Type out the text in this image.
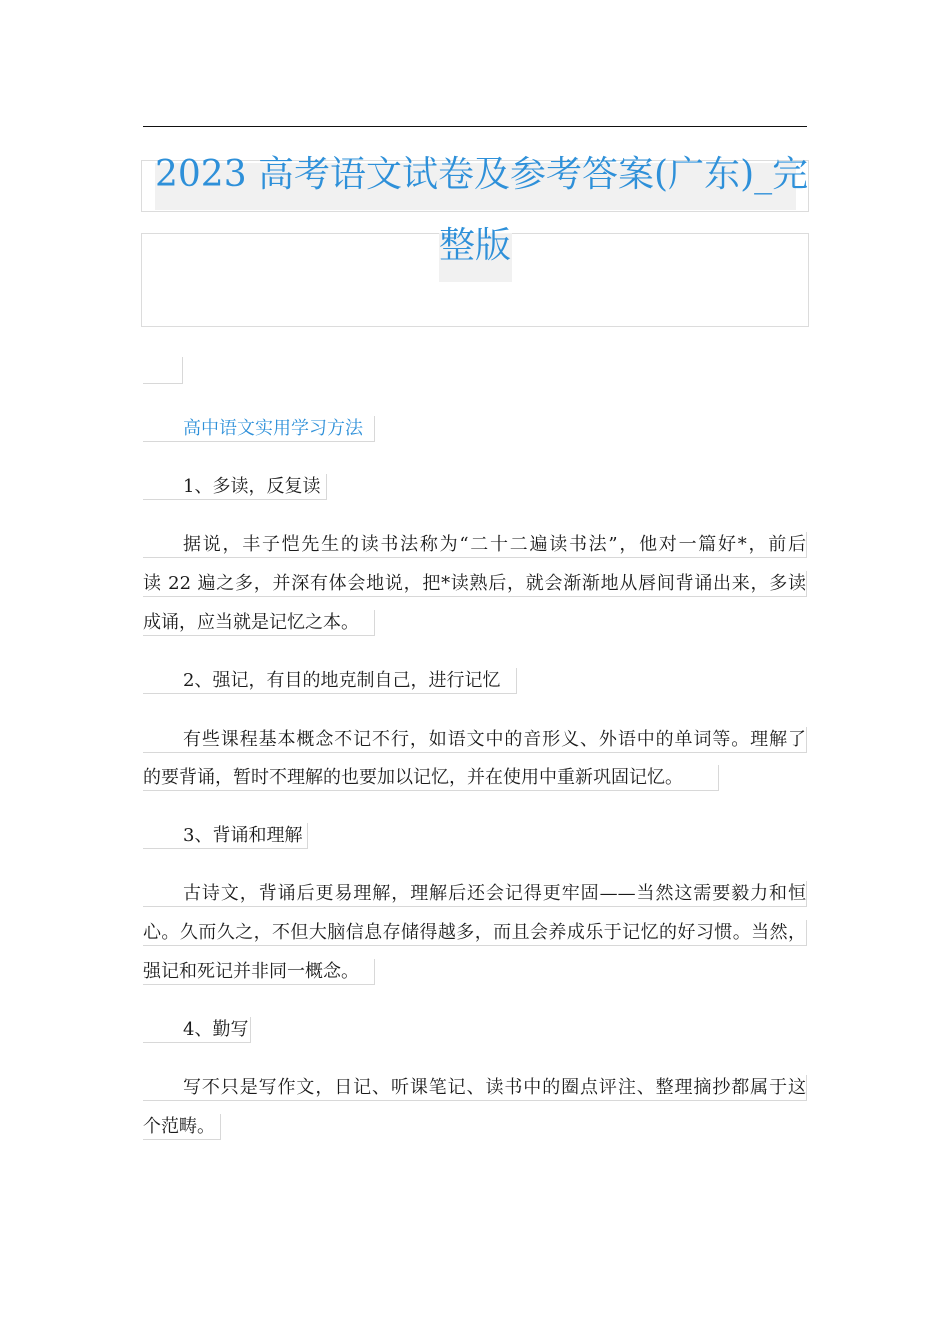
2023 高考语文试卷及参考答案(广东)_完
整版
高中语文实用学习方法
1、多读，反复读
据说，丰子恺先生的读书法称为“二十二遍读书法”，他对一篇好*，前后
读 22 遍之多，并深有体会地说，把*读熟后，就会渐渐地从唇间背诵出来，多读
成诵，应当就是记忆之本。
2、强记，有目的地克制自己，进行记忆
有些课程基本概念不记不行，如语文中的音形义、外语中的单词等。理解了
的要背诵，暂时不理解的也要加以记忆，并在使用中重新巩固记忆。
3、背诵和理解
古诗文，背诵后更易理解，理解后还会记得更牢固——当然这需要毅力和恒
心。久而久之，不但大脑信息存储得越多，而且会养成乐于记忆的好习惯。当然，
强记和死记并非同一概念。
4、勤写
写不只是写作文，日记、听课笔记、读书中的圈点评注、整理摘抄都属于这
个范畴。
